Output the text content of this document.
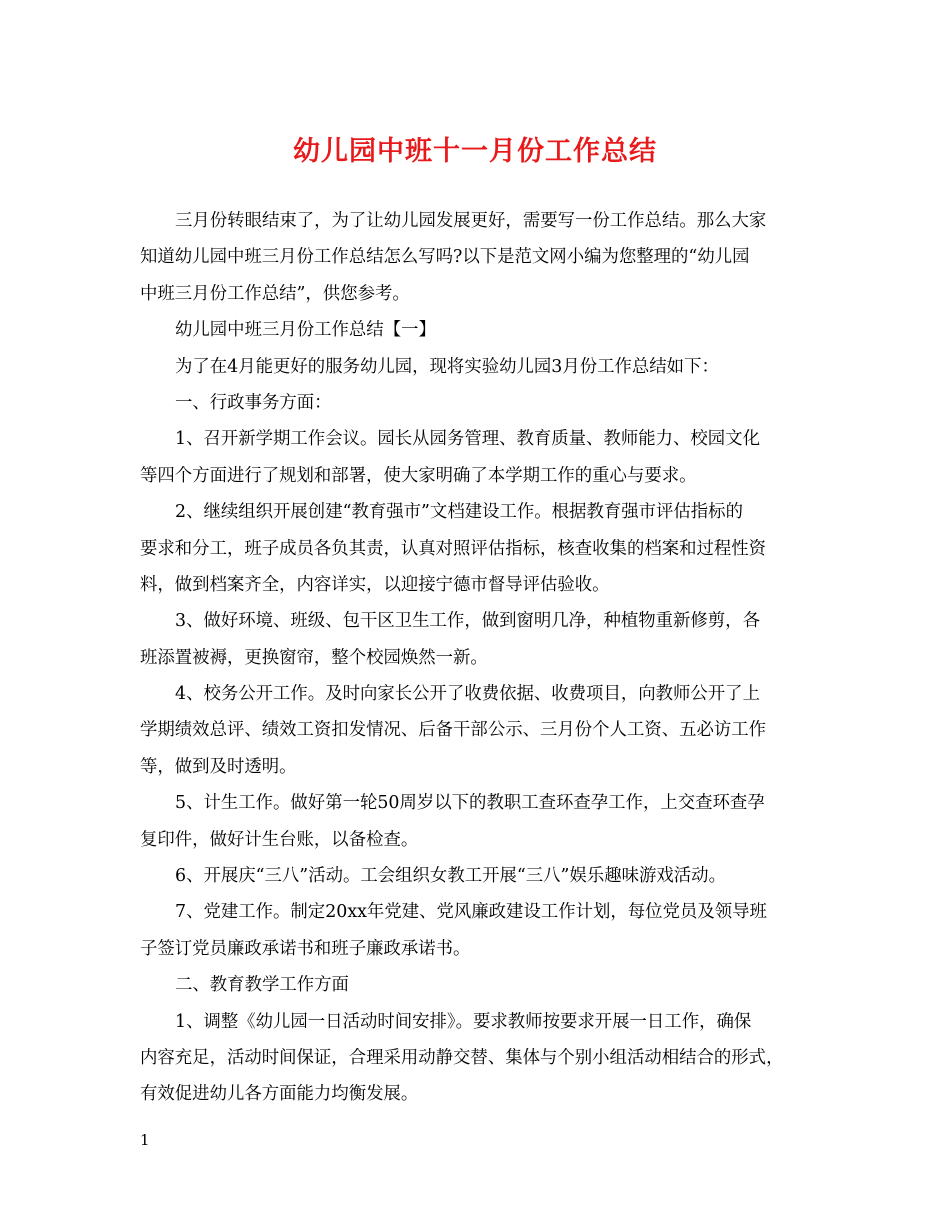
幼儿园中班十一月份工作总结
三月份转眼结束了，为了让幼儿园发展更好，需要写一份工作总结。那么大家
知道幼儿园中班三月份工作总结怎么写吗?以下是范文网小编为您整理的“幼儿园
中班三月份工作总结”，供您参考。
幼儿园中班三月份工作总结【一】
为了在4月能更好的服务幼儿园，现将实验幼儿园3月份工作总结如下：
一、行政事务方面：
1、召开新学期工作会议。园长从园务管理、教育质量、教师能力、校园文化
等四个方面进行了规划和部署，使大家明确了本学期工作的重心与要求。
2、继续组织开展创建“教育强市”文档建设工作。根据教育强市评估指标的
要求和分工，班子成员各负其责，认真对照评估指标，核查收集的档案和过程性资
料，做到档案齐全，内容详实，以迎接宁德市督导评估验收。
3、做好环境、班级、包干区卫生工作，做到窗明几净，种植物重新修剪，各
班添置被褥，更换窗帘，整个校园焕然一新。
4、校务公开工作。及时向家长公开了收费依据、收费项目，向教师公开了上
学期绩效总评、绩效工资扣发情况、后备干部公示、三月份个人工资、五必访工作
等，做到及时透明。
5、计生工作。做好第一轮50周岁以下的教职工查环查孕工作，上交查环查孕
复印件，做好计生台账，以备检查。
6、开展庆“三八”活动。工会组织女教工开展“三八”娱乐趣味游戏活动。
7、党建工作。制定20xx年党建、党风廉政建设工作计划，每位党员及领导班
子签订党员廉政承诺书和班子廉政承诺书。
二、教育教学工作方面
1、调整《幼儿园一日活动时间安排》。要求教师按要求开展一日工作，确保
内容充足，活动时间保证，合理采用动静交替、集体与个别小组活动相结合的形式，
有效促进幼儿各方面能力均衡发展。
1
